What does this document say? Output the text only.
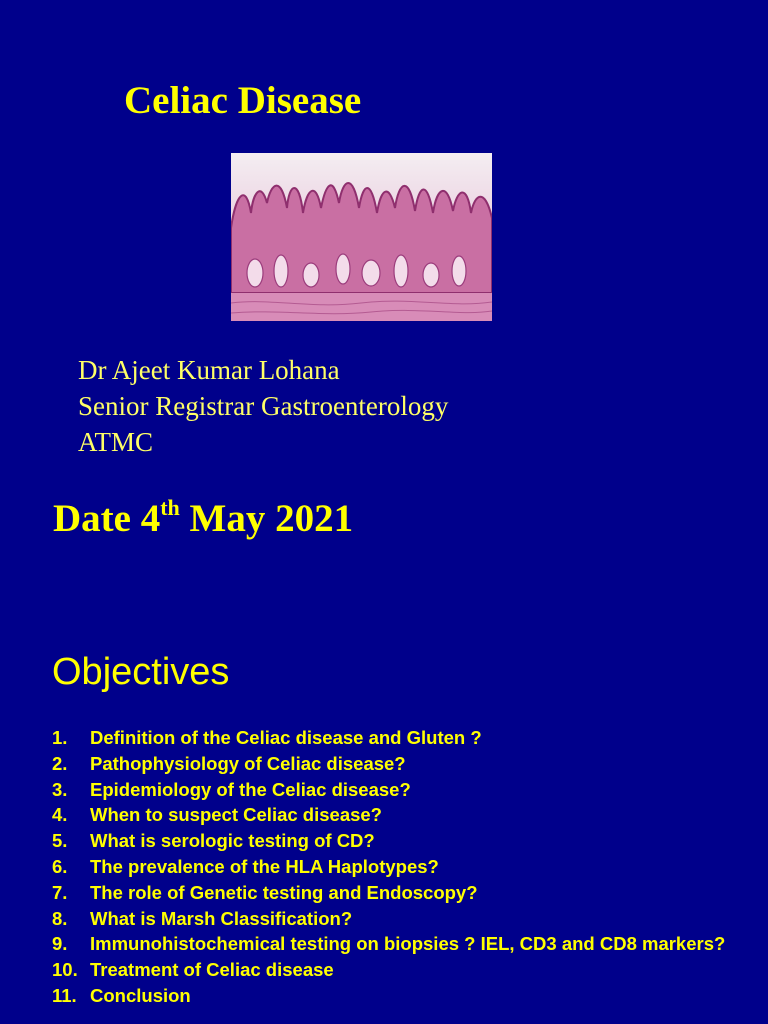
Celiac Disease
Dr Ajeet Kumar Lohana
Senior Registrar Gastroenterology
ATMC
Date 4th May 2021
Objectives
1.	Definition of the Celiac disease and Gluten ?
2.	Pathophysiology of Celiac disease?
3.	Epidemiology of the Celiac disease?
4.	When to suspect Celiac disease?
5.	What is serologic testing of CD?
6.	The prevalence of the HLA Haplotypes?
7.	The role of Genetic testing and Endoscopy?
8.	What is Marsh Classification?
9.	Immunohistochemical testing on biopsies ? IEL, CD3 and CD8 markers?
10. Treatment of Celiac disease
11. Conclusion
